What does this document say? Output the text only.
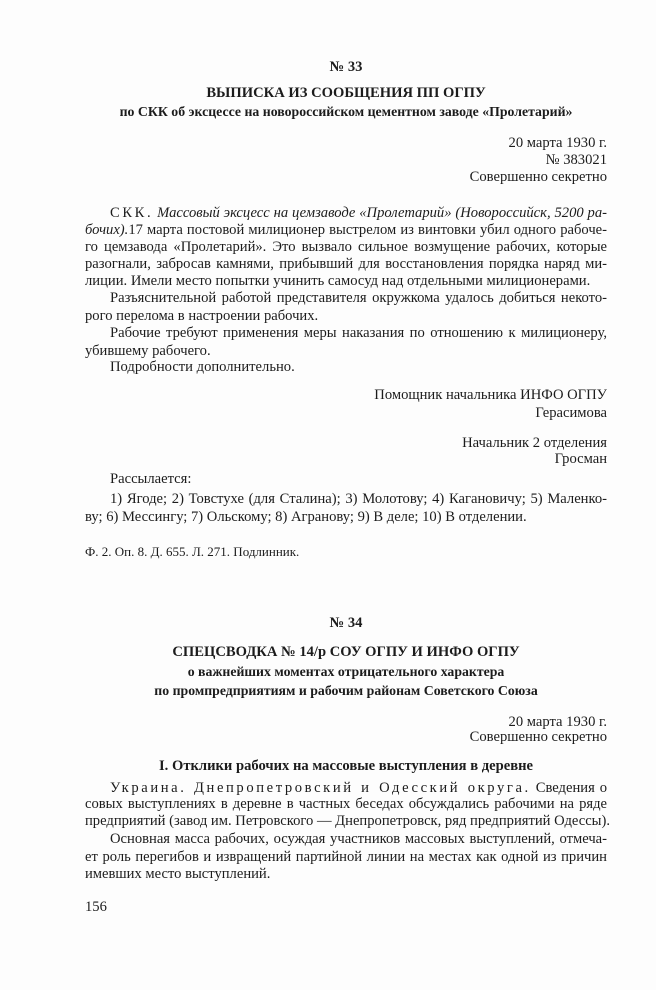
№ 33
ВЫПИСКА ИЗ СООБЩЕНИЯ ПП ОГПУ
по СКК об эксцессе на новороссийском цементном заводе «Пролетарий»
20 марта 1930 г.
№ 383021
Совершенно секретно
СКК. Массовый эксцесс на цемзаводе «Пролетарий» (Новороссийск, 5200 ра-
бочих).17 марта постовой милиционер выстрелом из винтовки убил одного рабоче-
го цемзавода «Пролетарий». Это вызвало сильное возмущение рабочих, которые
разогнали, забросав камнями, прибывший для восстановления порядка наряд ми-
лиции. Имели место попытки учинить самосуд над отдельными милиционерами.
Разъяснительной работой представителя окружкома удалось добиться некото-
рого перелома в настроении рабочих.
Рабочие требуют применения меры наказания по отношению к милиционеру,
убившему рабочего.
Подробности дополнительно.
Помощник начальника ИНФО ОГПУ
Герасимова
Начальник 2 отделения
Гросман
Рассылается:
1) Ягоде; 2) Товстухе (для Сталина); 3) Молотову; 4) Кагановичу; 5) Маленко-
ву; 6) Мессингу; 7) Ольскому; 8) Агранову; 9) В деле; 10) В отделении.
Ф. 2. Оп. 8. Д. 655. Л. 271. Подлинник.
№ 34
СПЕЦСВОДКА № 14/р СОУ ОГПУ И ИНФО ОГПУ
о важнейших моментах отрицательного характера
по промпредприятиям и рабочим районам Советского Союза
20 марта 1930 г.
Совершенно секретно
I. Отклики рабочих на массовые выступления в деревне
Украина. Днепропетровский и Одесский округа. Сведения о
совых выступлениях в деревне в частных беседах обсуждались рабочими на ряде
предприятий (завод им. Петровского — Днепропетровск, ряд предприятий Одессы).
Основная масса рабочих, осуждая участников массовых выступлений, отмеча-
ет роль перегибов и извращений партийной линии на местах как одной из причин
имевших место выступлений.
156
